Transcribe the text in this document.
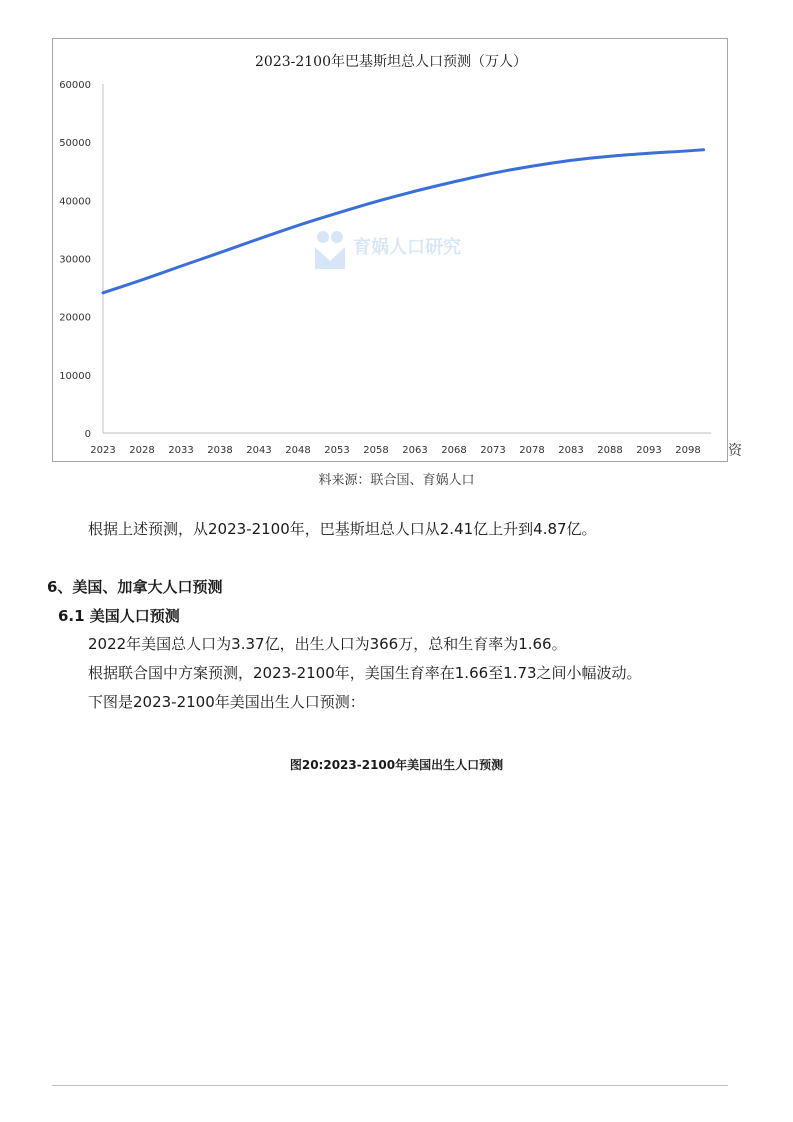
2023-2100年巴基斯坦总人口预测（万人）
育娲人口研究
0
10000
20000
30000
40000
50000
60000
2023 2028 2033 2038 2043 2048 2053 2058 2063 2068 2073 2078 2083 2088 2093 2098 资
料来源：联合国、育娲人口
根据上述预测，从2023-2100年，巴基斯坦总人口从2.41亿上升到4.87亿。
6、美国、加拿大人口预测
6.1 美国人口预测
2022年美国总人口为3.37亿，出生人口为366万，总和生育率为1.66。
根据联合国中方案预测，2023-2100年，美国生育率在1.66至1.73之间小幅波动。
下图是2023-2100年美国出生人口预测：
图20:2023-2100年美国出生人口预测
